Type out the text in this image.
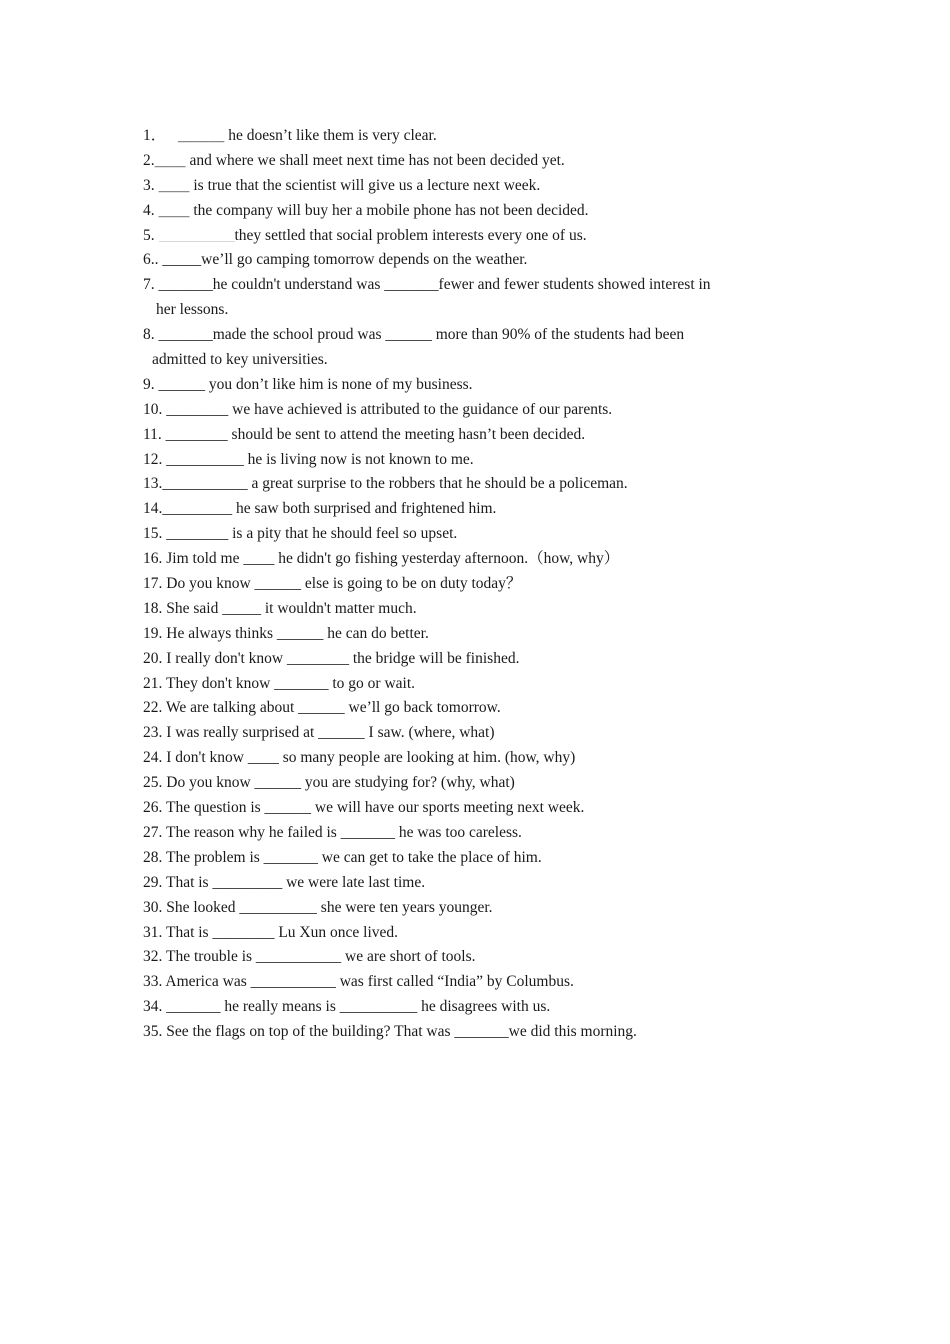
1．   ＿＿＿ he doesn’t like them is very clear.
2.＿＿ and where we shall meet next time has not been decided yet.
3. ＿＿ is true that the scientist will give us a lecture next week.
4. ＿＿ the company will buy her a mobile phone has not been decided.
5.	they settled that social problem interests every one of us.
6.. _____we’ll go camping tomorrow depends on the weather.
7. _______he couldn't understand was _______fewer and fewer students showed interest in
her lessons.
8. _______made the school proud was ______ more than 90% of the students had been
admitted to key universities.
9. ______ you don’t like him is none of my business.
10. ________ we have achieved is attributed to the guidance of our parents.
11. ________ should be sent to attend the meeting hasn’t been decided.
12. __________ he is living now is not known to me.
13.___________ a great surprise to the robbers that he should be a policeman.
14._________ he saw both surprised and frightened him.
15. ________ is a pity that he should feel so upset.
16. Jim told me ____ he didn't go fishing yesterday afternoon.（how, why）
17. Do you know ______ else is going to be on duty today？
18. She said _____ it wouldn't matter much.
19. He always thinks ______ he can do better.
20. I really don't know ________ the bridge will be finished.
21. They don't know _______ to go or wait.
22. We are talking about ______ we’ll go back tomorrow.
23. I was really surprised at ______ I saw. (where, what)
24. I don't know ____ so many people are looking at him. (how, why)
25. Do you know ______ you are studying for? (why, what)
26. The question is ______ we will have our sports meeting next week.
27. The reason why he failed is _______ he was too careless.
28. The problem is _______ we can get to take the place of him.
29. That is _________ we were late last time.
30. She looked __________ she were ten years younger.
31. That is ________ Lu Xun once lived.
32. The trouble is ___________ we are short of tools.
33. America was ___________ was first called “India” by Columbus.
34. _______ he really means is __________ he disagrees with us.
35. See the flags on top of the building? That was _______we did this morning.
